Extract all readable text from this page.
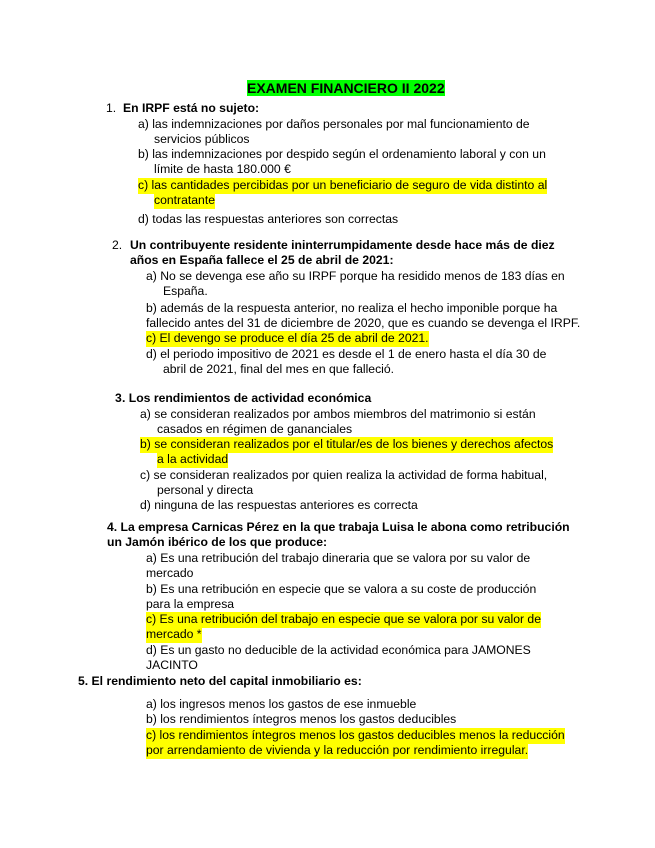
EXAMEN FINANCIERO II 2022
1. En IRPF está no sujeto:
a) las indemnizaciones por daños personales por mal funcionamiento de
servicios públicos
b) las indemnizaciones por despido según el ordenamiento laboral y con un
límite de hasta 180.000 €
c) las cantidades percibidas por un beneficiario de seguro de vida distinto al
contratante
d) todas las respuestas anteriores son correctas
2. Un contribuyente residente ininterrumpidamente desde hace más de diez
años en España fallece el 25 de abril de 2021:
a) No se devenga ese año su IRPF porque ha residido menos de 183 días en
España.
b) además de la respuesta anterior, no realiza el hecho imponible porque ha
fallecido antes del 31 de diciembre de 2020, que es cuando se devenga el IRPF.
c) El devengo se produce el día 25 de abril de 2021.
d) el periodo impositivo de 2021 es desde el 1 de enero hasta el día 30 de
abril de 2021, final del mes en que falleció.
3 . Los rendimientos de actividad económica
a) se consideran realizados por ambos miembros del matrimonio si están
casados en régimen de gananciales
b) se consideran realizados por el titular/es de los bienes y derechos afectos
a la actividad
c) se consideran realizados por quien realiza la actividad de forma habitual,
personal y directa
d) ninguna de las respuestas anteriores es correcta
4. La empresa Carnicas Pérez en la que trabaja Luisa le abona como retribución
un Jamón ibérico de los que produce:
a) Es una retribución del trabajo dineraria que se valora por su valor de
mercado
b) Es una retribución en especie que se valora a su coste de producción
para la empresa
c) Es una retribución del trabajo en especie que se valora por su valor de
mercado *
d) Es un gasto no deducible de la actividad económica para JAMONES
JACINTO
5. El rendimiento neto del capital inmobiliario es:
a) los ingresos menos los gastos de ese inmueble
b) los rendimientos íntegros menos los gastos deducibles
c) los rendimientos íntegros menos los gastos deducibles menos la reducción
por arrendamiento de vivienda y la reducción por rendimiento irregular.
